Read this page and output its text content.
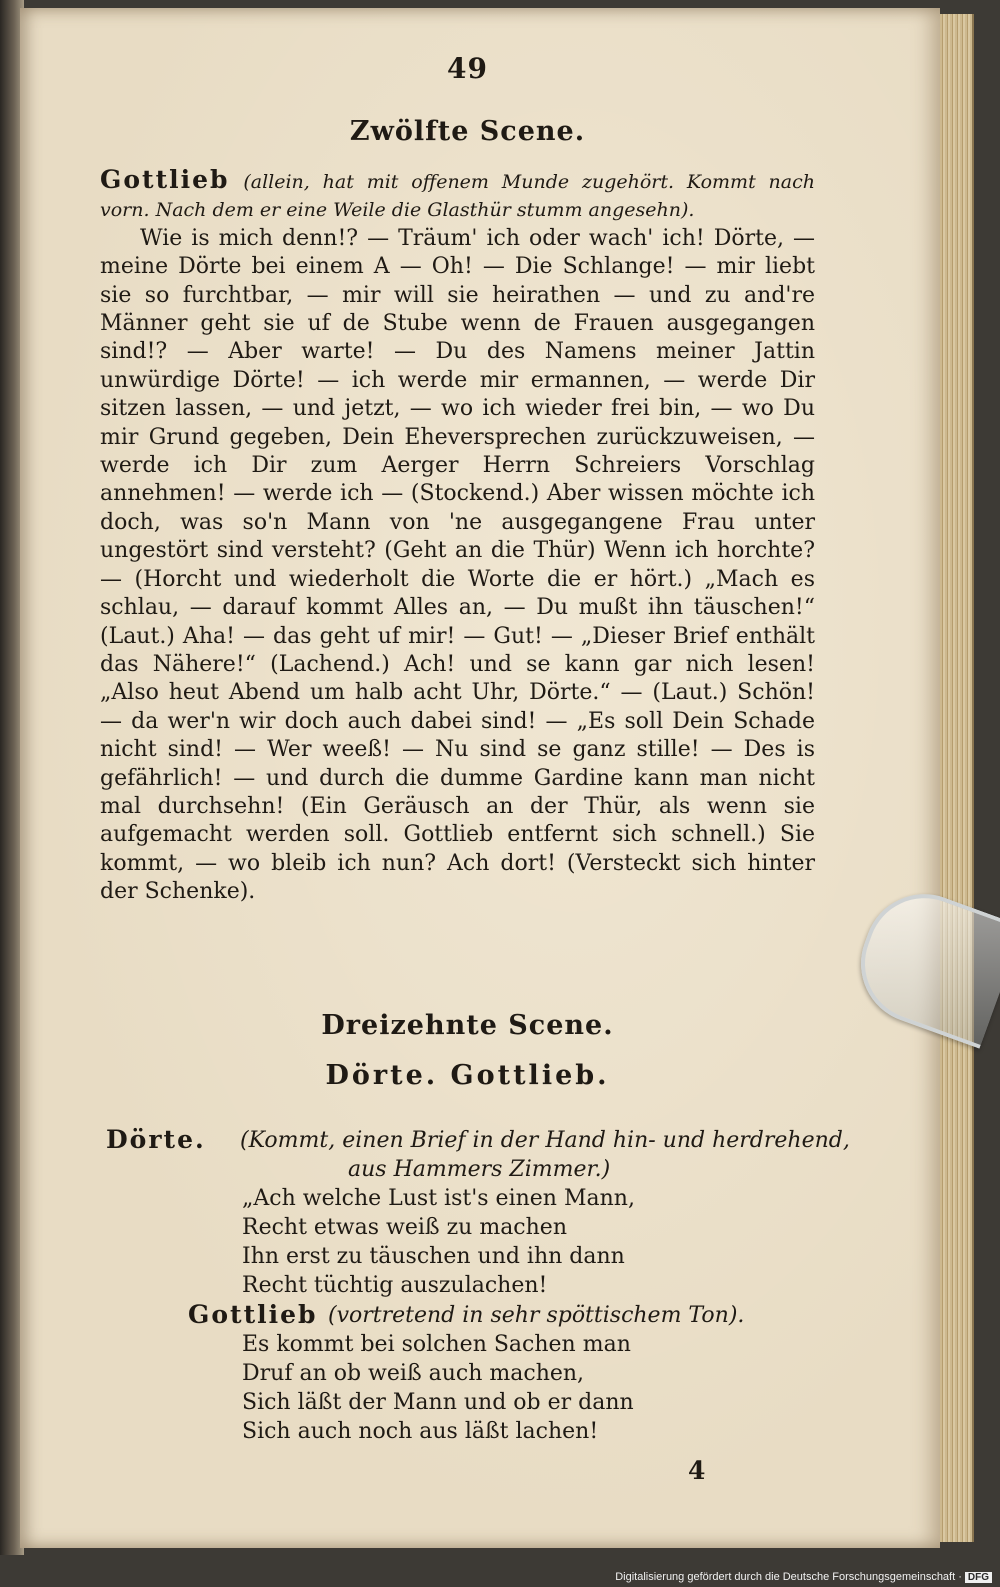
49
Zwölfte Scene.
Gottlieb (allein, hat mit offenem Munde zugehört. Kommt nach vorn. Nach dem er eine Weile die Glasthür stumm angesehn).
Wie is mich denn!? — Träum' ich oder wach' ich! Dörte, — meine Dörte bei einem A — Oh! — Die Schlange! — mir liebt sie so furchtbar, — mir will sie heirathen — und zu and're Männer geht sie uf de Stube wenn de Frauen ausgegangen sind!? — Aber warte! — Du des Namens meiner Jattin unwürdige Dörte! — ich werde mir ermannen, — werde Dir sitzen lassen, — und jetzt, — wo ich wieder frei bin, — wo Du mir Grund gegeben, Dein Eheversprechen zurückzuweisen, — werde ich Dir zum Aerger Herrn Schreiers Vorschlag annehmen! — werde ich — (Stockend.) Aber wissen möchte ich doch, was so'n Mann von 'ne ausgegangene Frau unter ungestört sind versteht? (Geht an die Thür) Wenn ich horchte? — (Horcht und wiederholt die Worte die er hört.) „Mach es schlau, — darauf kommt Alles an, — Du mußt ihn täuschen!“ (Laut.) Aha! — das geht uf mir! — Gut! — „Dieser Brief enthält das Nähere!“ (Lachend.) Ach! und se kann gar nich lesen! „Also heut Abend um halb acht Uhr, Dörte.“ — (Laut.) Schön! — da wer'n wir doch auch dabei sind! — „Es soll Dein Schade nicht sind! — Wer weeß! — Nu sind se ganz stille! — Des is gefährlich! — und durch die dumme Gardine kann man nicht mal durchsehn! (Ein Geräusch an der Thür, als wenn sie aufgemacht werden soll. Gottlieb entfernt sich schnell.) Sie kommt, — wo bleib ich nun? Ach dort! (Versteckt sich hinter der Schenke).
Dreizehnte Scene.
Dörte. Gottlieb.
Dörte. (Kommt, einen Brief in der Hand hin- und herdrehend,
aus Hammers Zimmer.)
„Ach welche Lust ist's einen Mann,
Recht etwas weiß zu machen
Ihn erst zu täuschen und ihn dann
Recht tüchtig auszulachen!
Gottlieb (vortretend in sehr spöttischem Ton).
Es kommt bei solchen Sachen man
Druf an ob weiß auch machen,
Sich läßt der Mann und ob er dann
Sich auch noch aus läßt lachen!
4
Digitalisierung gefördert durch die Deutsche Forschungsgemeinschaft · DFG
